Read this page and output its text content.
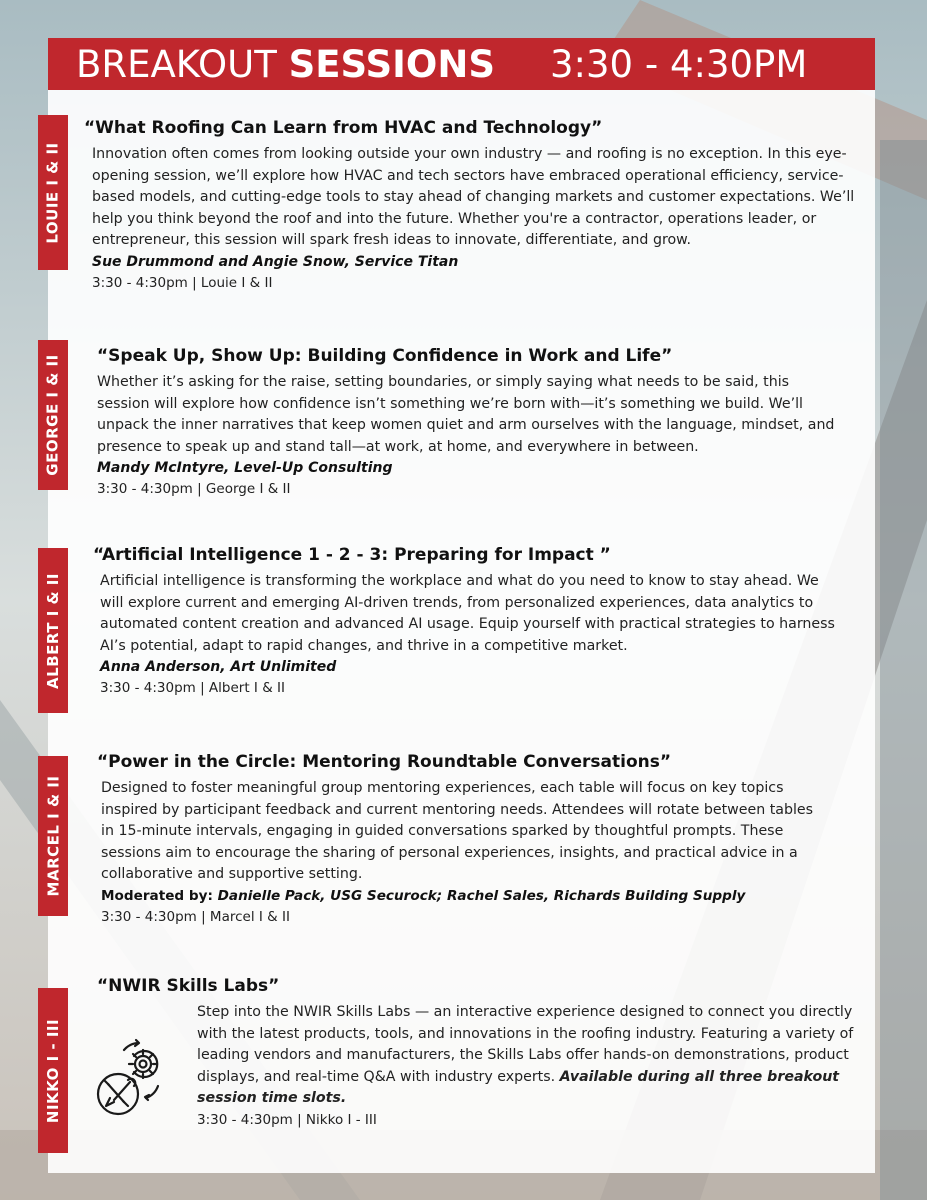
BREAKOUT SESSIONS 3:30 - 4:30PM
LOUIE I & II

“What Roofing Can Learn from HVAC and Technology”

Innovation often comes from looking outside your own industry — and roofing is no exception. In this eye-opening session, we’ll explore how HVAC and tech sectors have embraced operational efficiency, service-based models, and cutting-edge tools to stay ahead of changing markets and customer expectations. We’ll help you think beyond the roof and into the future. Whether you're a contractor, operations leader, or entrepreneur, this session will spark fresh ideas to innovate, differentiate, and grow.

Sue Drummond and Angie Snow, Service Titan

3:30 - 4:30pm | Louie I & II

GEORGE I & II “Speak Up, Show Up: Building Confidence in Work and Life”

Whether it’s asking for the raise, setting boundaries, or simply saying what needs to be said, this session will explore how confidence isn’t something we’re born with—it’s something we build. We’ll unpack the inner narratives that keep women quiet and arm ourselves with the language, mindset, and presence to speak up and stand tall—at work, at home, and everywhere in between.

Mandy McIntyre, Level-Up Consulting

3:30 - 4:30pm | George I & II

ALBERT I & II

“Artificial Intelligence 1 - 2 - 3: Preparing for Impact ”

Artificial intelligence is transforming the workplace and what do you need to know to stay ahead. We will explore current and emerging AI-driven trends, from personalized experiences, data analytics to automated content creation and advanced AI usage. Equip yourself with practical strategies to harness AI’s potential, adapt to rapid changes, and thrive in a competitive market.

Anna Anderson, Art Unlimited

3:30 - 4:30pm | Albert I & II

MARCEL I & II

“Power in the Circle: Mentoring Roundtable Conversations”

Designed to foster meaningful group mentoring experiences, each table will focus on key topics inspired by participant feedback and current mentoring needs. Attendees will rotate between tables in 15-minute intervals, engaging in guided conversations sparked by thoughtful prompts. These sessions aim to encourage the sharing of personal experiences, insights, and practical advice in a collaborative and supportive setting.

Moderated by: Danielle Pack, USG Securock; Rachel Sales, Richards Building Supply

3:30 - 4:30pm | Marcel I & II

NIKKO I - III

“NWIR Skills Labs”

Step into the NWIR Skills Labs — an interactive experience designed to connect you directly with the latest products, tools, and innovations in the roofing industry. Featuring a variety of leading vendors and manufacturers, the Skills Labs offer hands-on demonstrations, product displays, and real-time Q&A with industry experts. Available during all three breakout session time slots.

3:30 - 4:30pm | Nikko I - III
